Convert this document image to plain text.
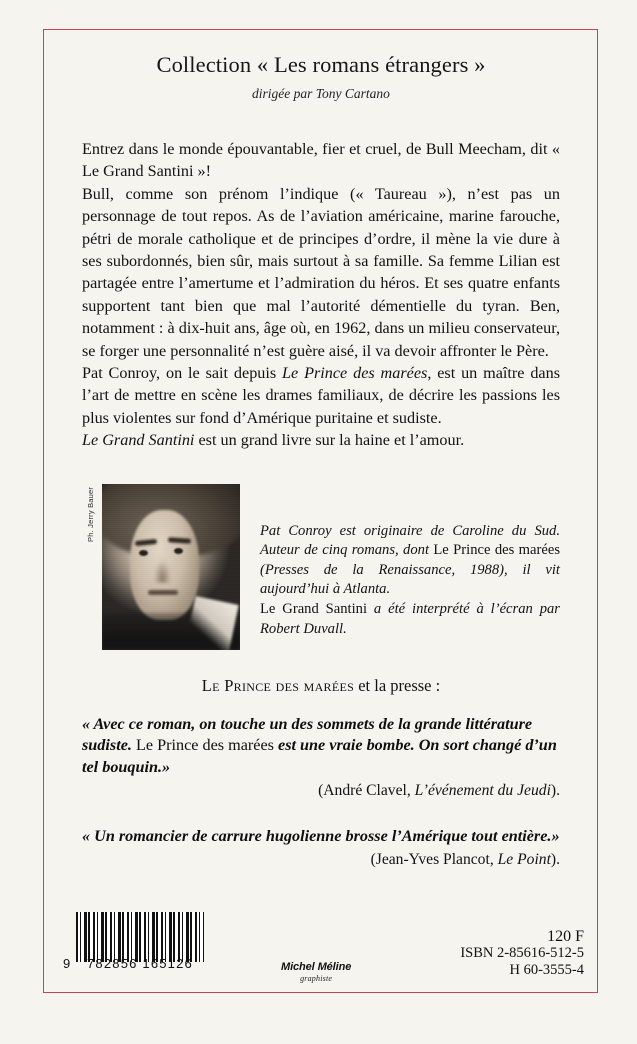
Collection « Les romans étrangers »
dirigée par Tony Cartano

Entrez dans le monde épouvantable, fier et cruel, de Bull Meecham, dit « Le Grand Santini »!

Bull, comme son prénom l’indique (« Taureau »), n’est pas un personnage de tout repos. As de l’aviation américaine, marine farouche, pétri de morale catholique et de principes d’ordre, il mène la vie dure à ses subordonnés, bien sûr, mais surtout à sa famille. Sa femme Lilian est partagée entre l’amertume et l’admiration du héros. Et ses quatre enfants supportent tant bien que mal l’autorité démentielle du tyran. Ben, notamment : à dix-huit ans, âge où, en 1962, dans un milieu conservateur, se forger une personnalité n’est guère aisé, il va devoir affronter le Père.

Pat Conroy, on le sait depuis Le Prince des marées, est un maître dans l’art de mettre en scène les drames familiaux, de décrire les passions les plus violentes sur fond d’Amérique puritaine et sudiste.

Le Grand Santini est un grand livre sur la haine et l’amour.

Ph. Jerry Bauer	Pat Conroy est originaire de Caroline du Sud. Auteur de cinq romans, dont Le Prince des marées (Presses de la Renaissance, 1988), il vit aujourd’hui à Atlanta.

Le Grand Santini a été interprété à l’écran par Robert Duvall.

Le Prince des marées et la presse :
« Avec ce roman, on touche un des sommets de la grande littérature sudiste. Le Prince des marées est une vraie bombe. On sort changé d’un tel bouquin.»
(André Clavel, L’événement du Jeudi).
« Un romancier de carrure hugolienne brosse l’Amérique tout entière.»
(Jean-Yves Plancot, Le Point).
9	782856 165126	Michel Méline
graphiste
120 F
ISBN 2-85616-512-5
H 60-3555-4
